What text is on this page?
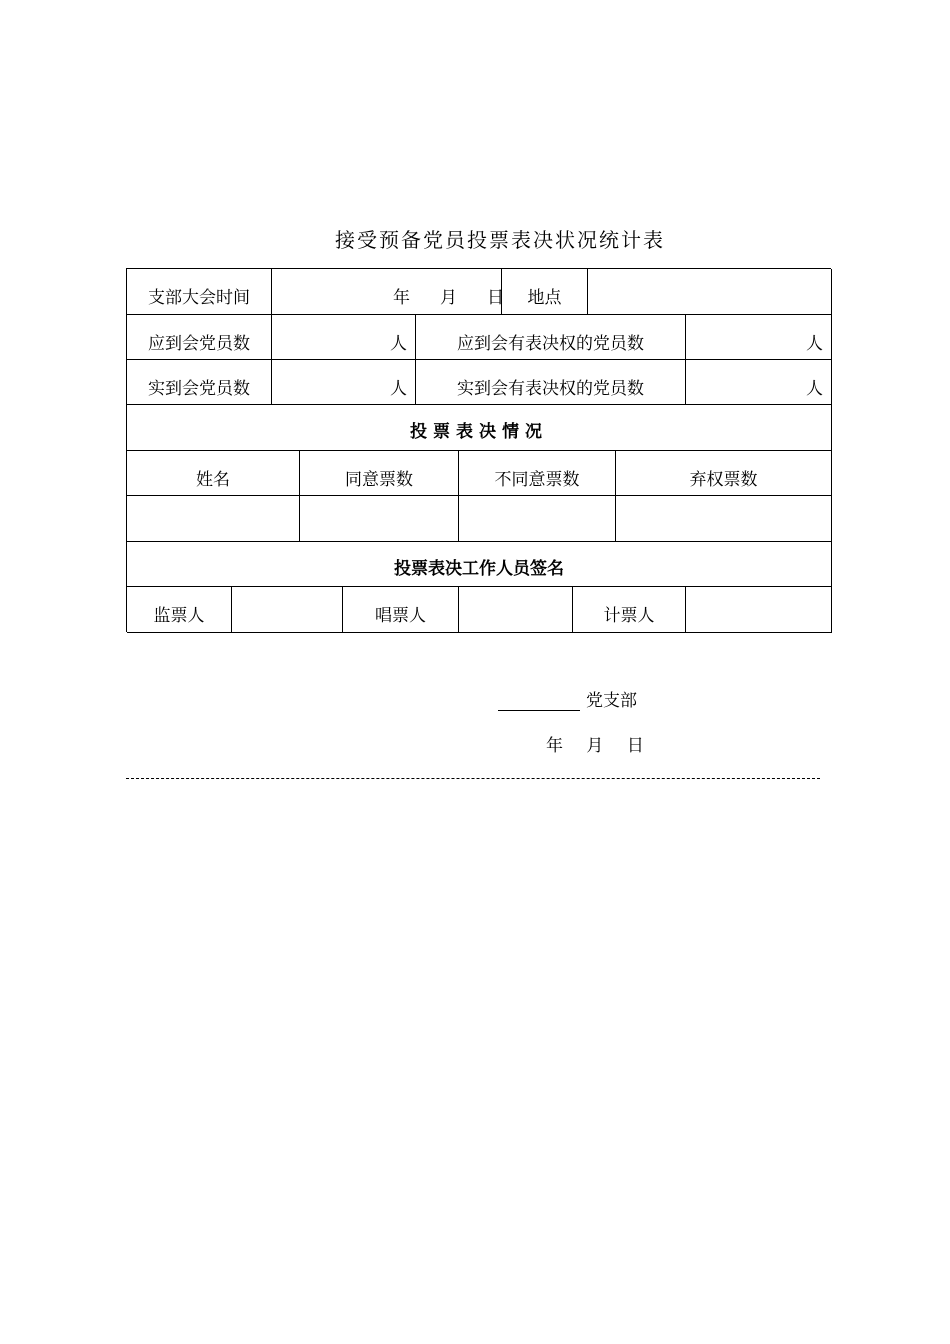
接受预备党员投票表决状况统计表
支部大会时间	年 月 日	地点
应到会党员数	人	应到会有表决权的党员数	人
实到会党员数	人	实到会有表决权的党员数	人
投票表决情况
姓名	同意票数	不同意票数	弃权票数
投票表决工作人员签名
监票人	唱票人	计票人
党支部
年 月 日
